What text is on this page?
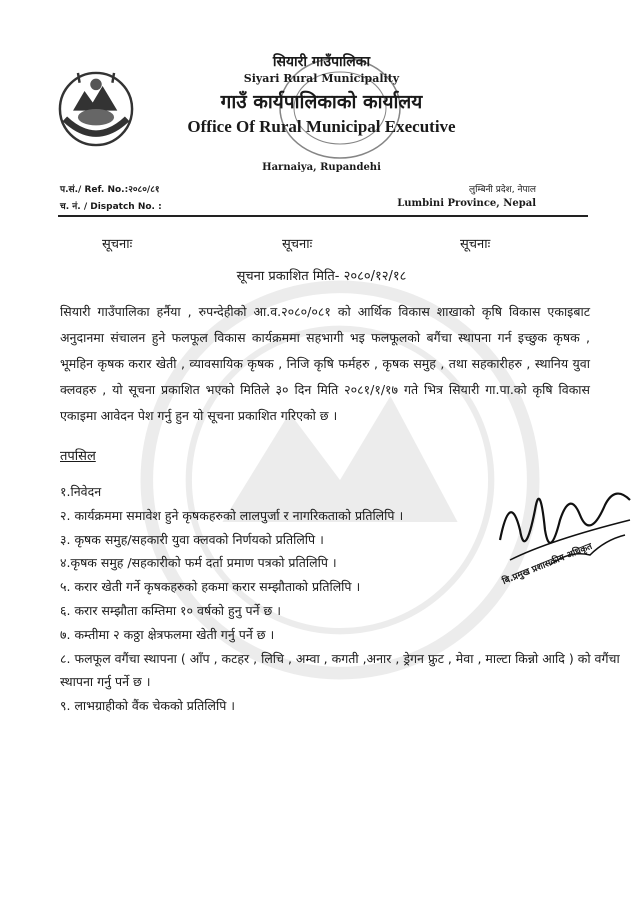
सियारी गाउँपालिका
Siyari Rural Municipality
गाउँ कार्यपालिकाको कार्यालय
Office Of Rural Municipal Executive
Harnaiya, Rupandehi
प.सं./ Ref. No.:२०८०/८१
च. नं. / Dispatch No. :
लुम्बिनी प्रदेश, नेपाल
Lumbini Province, Nepal
सूचनाः	सूचनाः	सूचनाः
सूचना प्रकाशित मिति- २०८०/१२/१८
सियारी गाउँपालिका हर्नैया , रुपन्देहीको आ.व.२०८०/०८१ को आर्थिक विकास शाखाको कृषि विकास एकाइबाट अनुदानमा संचालन हुने फलफूल विकास कार्यक्रममा सहभागी भइ फलफूलको बगैंचा स्थापना गर्न इच्छुक कृषक , भूमहिन कृषक करार खेती , व्यावसायिक कृषक , निजि कृषि फर्महरु , कृषक समुह , तथा सहकारीहरु , स्थानिय युवा क्लवहरु , यो सूचना प्रकाशित भएको मितिले ३० दिन मिति २०८१/१/१७ गते भित्र सियारी गा.पा.को कृषि विकास एकाइमा आवेदन पेश गर्नु हुन यो सूचना प्रकाशित गरिएको छ ।
तपसिल
१.निवेदन
२. कार्यक्रममा समावेश हुने कृषकहरुको लालपुर्जा र नागरिकताको प्रतिलिपि ।
३. कृषक समुह/सहकारी युवा क्लवको निर्णयको प्रतिलिपि ।
४.कृषक समुह /सहकारीको फर्म दर्ता प्रमाण पत्रको प्रतिलिपि ।
५. करार खेती गर्ने कृषकहरुको हकमा करार सम्झौताको प्रतिलिपि ।
६. करार सम्झौता कम्तिमा १० वर्षको हुनु पर्ने छ ।
७. कम्तीमा २ कठ्ठा क्षेत्रफलमा खेती गर्नु पर्ने छ ।
८. फलफूल वगैंचा स्थापना ( आँप , कटहर , लिचि , अम्वा , कगती ,अनार , ड्रेगन फ्रुट , मेवा , माल्टा किन्नो आदि ) को वगैंचा स्थापना गर्नु पर्ने छ ।
९. लाभग्राहीको वैंक चेकको प्रतिलिपि ।
बि.प्रमुख प्रशासकीय अधिकृत
